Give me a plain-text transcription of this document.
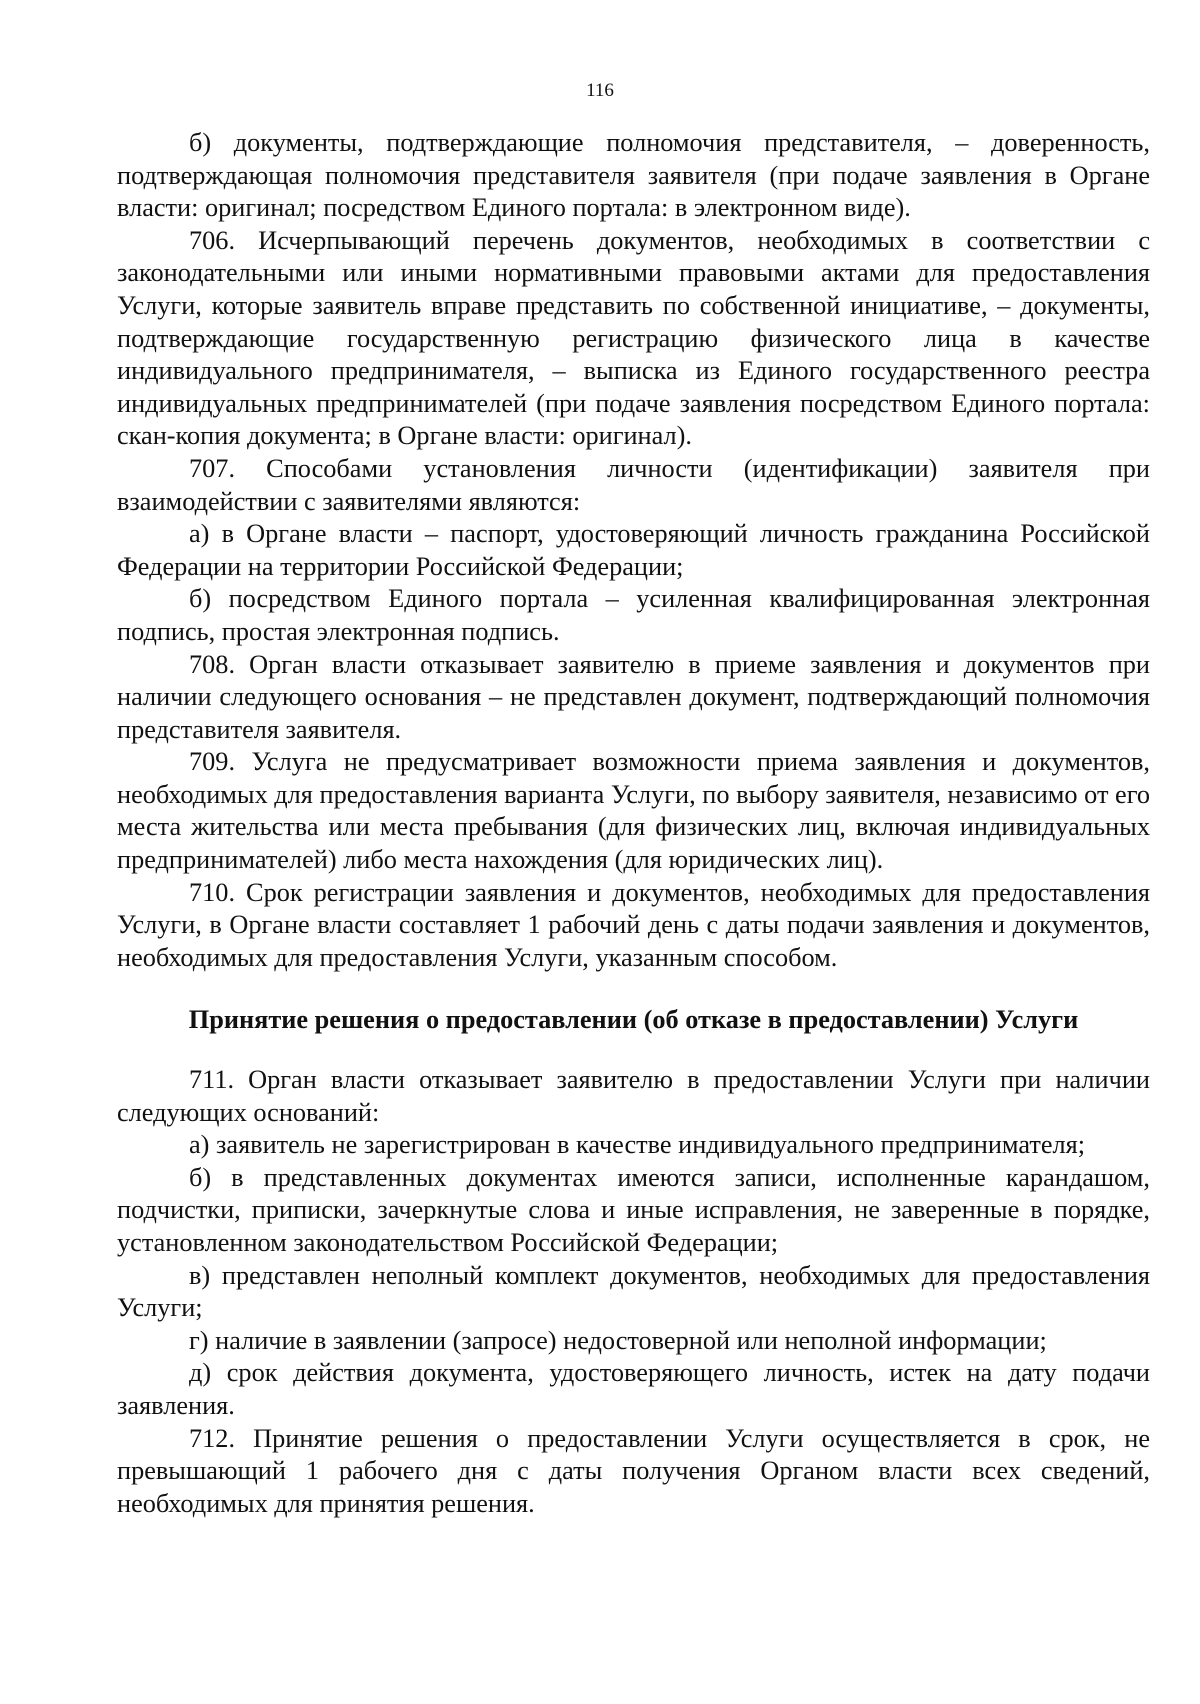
116

б) документы, подтверждающие полномочия представителя, – доверенность, подтверждающая полномочия представителя заявителя (при подаче заявления в Органе власти: оригинал; посредством Единого портала: в электронном виде).

706. Исчерпывающий перечень документов, необходимых в соответствии с законодательными или иными нормативными правовыми актами для предоставления Услуги, которые заявитель вправе представить по собственной инициативе, – документы, подтверждающие государственную регистрацию физического лица в качестве индивидуального предпринимателя, – выписка из Единого государственного реестра индивидуальных предпринимателей (при подаче заявления посредством Единого портала: скан-копия документа; в Органе власти: оригинал).

707. Способами установления личности (идентификации) заявителя при взаимодействии с заявителями являются:

а) в Органе власти – паспорт, удостоверяющий личность гражданина Российской Федерации на территории Российской Федерации;

б) посредством Единого портала – усиленная квалифицированная электронная подпись, простая электронная подпись.

708. Орган власти отказывает заявителю в приеме заявления и документов при наличии следующего основания – не представлен документ, подтверждающий полномочия представителя заявителя.

709. Услуга не предусматривает возможности приема заявления и документов, необходимых для предоставления варианта Услуги, по выбору заявителя, независимо от его места жительства или места пребывания (для физических лиц, включая индивидуальных предпринимателей) либо места нахождения (для юридических лиц).

710. Срок регистрации заявления и документов, необходимых для предоставления Услуги, в Органе власти составляет 1 рабочий день с даты подачи заявления и документов, необходимых для предоставления Услуги, указанным способом.

Принятие решения о предоставлении (об отказе в предоставлении) Услуги

711. Орган власти отказывает заявителю в предоставлении Услуги при наличии следующих оснований:

а) заявитель не зарегистрирован в качестве индивидуального предпринимателя;

б) в представленных документах имеются записи, исполненные карандашом, подчистки, приписки, зачеркнутые слова и иные исправления, не заверенные в порядке, установленном законодательством Российской Федерации;

в) представлен неполный комплект документов, необходимых для предоставления Услуги;

г) наличие в заявлении (запросе) недостоверной или неполной информации;

д) срок действия документа, удостоверяющего личность, истек на дату подачи заявления.

712. Принятие решения о предоставлении Услуги осуществляется в срок, не превышающий 1 рабочего дня с даты получения Органом власти всех сведений, необходимых для принятия решения.
